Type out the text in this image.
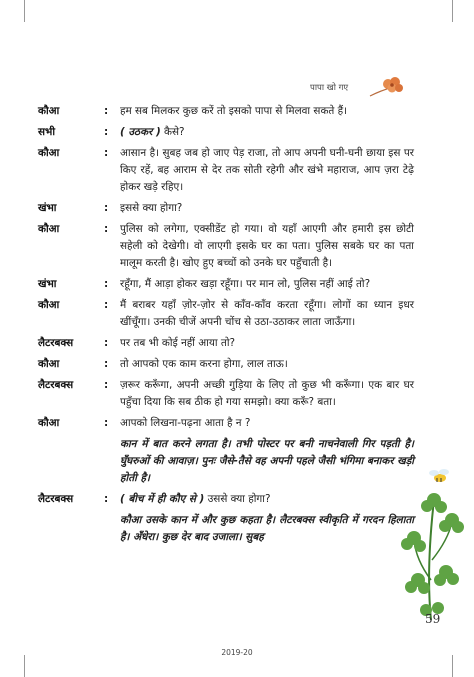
पापा खो गए
कौआ	:	हम सब मिलकर कुछ करें तो इसको पापा से मिलवा सकते हैं।
सभी	:	( उठकर ) कैसे?
कौआ	:	आसान है। सुबह जब हो जाए पेड़ राजा, तो आप अपनी घनी-घनी छाया इस पर किए रहें, बह आराम से देर तक सोती रहेगी और खंभे महाराज, आप ज़रा टेढ़े होकर खड़े रहिए।
खंभा	:	इससे क्या होगा?
कौआ	:	पुलिस को लगेगा, एक्सीडेंट हो गया। वो यहाँ आएगी और हमारी इस छोटी सहेली को देखेगी। वो लाएगी इसके घर का पता। पुलिस सबके घर का पता मालूम करती है। खोए हुए बच्चों को उनके घर पहुँचाती है।
खंभा	:	रहूँगा, मैं आड़ा होकर खड़ा रहूँगा। पर मान लो, पुलिस नहीं आई तो?
कौआ	:	मैं बराबर यहाँ ज़ोर-ज़ोर से काँव-काँव करता रहूँगा। लोगों का ध्यान इधर खींचूँगा। उनकी चीजें अपनी चोंच से उठा-उठाकर लाता जाऊँगा।
लैटरबक्स	:	पर तब भी कोई नहीं आया तो?
कौआ	:	तो आपको एक काम करना होगा, लाल ताऊ।
लैटरबक्स	:	ज़रूर करूँगा, अपनी अच्छी गुड़िया के लिए तो कुछ भी करूँगा। एक बार घर पहुँचा दिया कि सब ठीक हो गया समझो। क्या करूँ? बता।
कौआ	:	आपको लिखना-पढ़ना आता है न ?
कान में बात करने लगता है। तभी पोस्टर पर बनी नाचनेवाली गिर पड़ती है। घुँघरुओं की आवाज़। पुनः जैसे-तैसे वह अपनी पहले जैसी भंगिमा बनाकर खड़ी होती है।
लैटरबक्स	:	( बीच में ही कौए से ) उससे क्या होगा?
कौआ उसके कान में और कुछ कहता है। लैटरबक्स स्वीकृति में गरदन हिलाता है। अँधेरा। कुछ देर बाद उजाला। सुबह
59
2019-20
